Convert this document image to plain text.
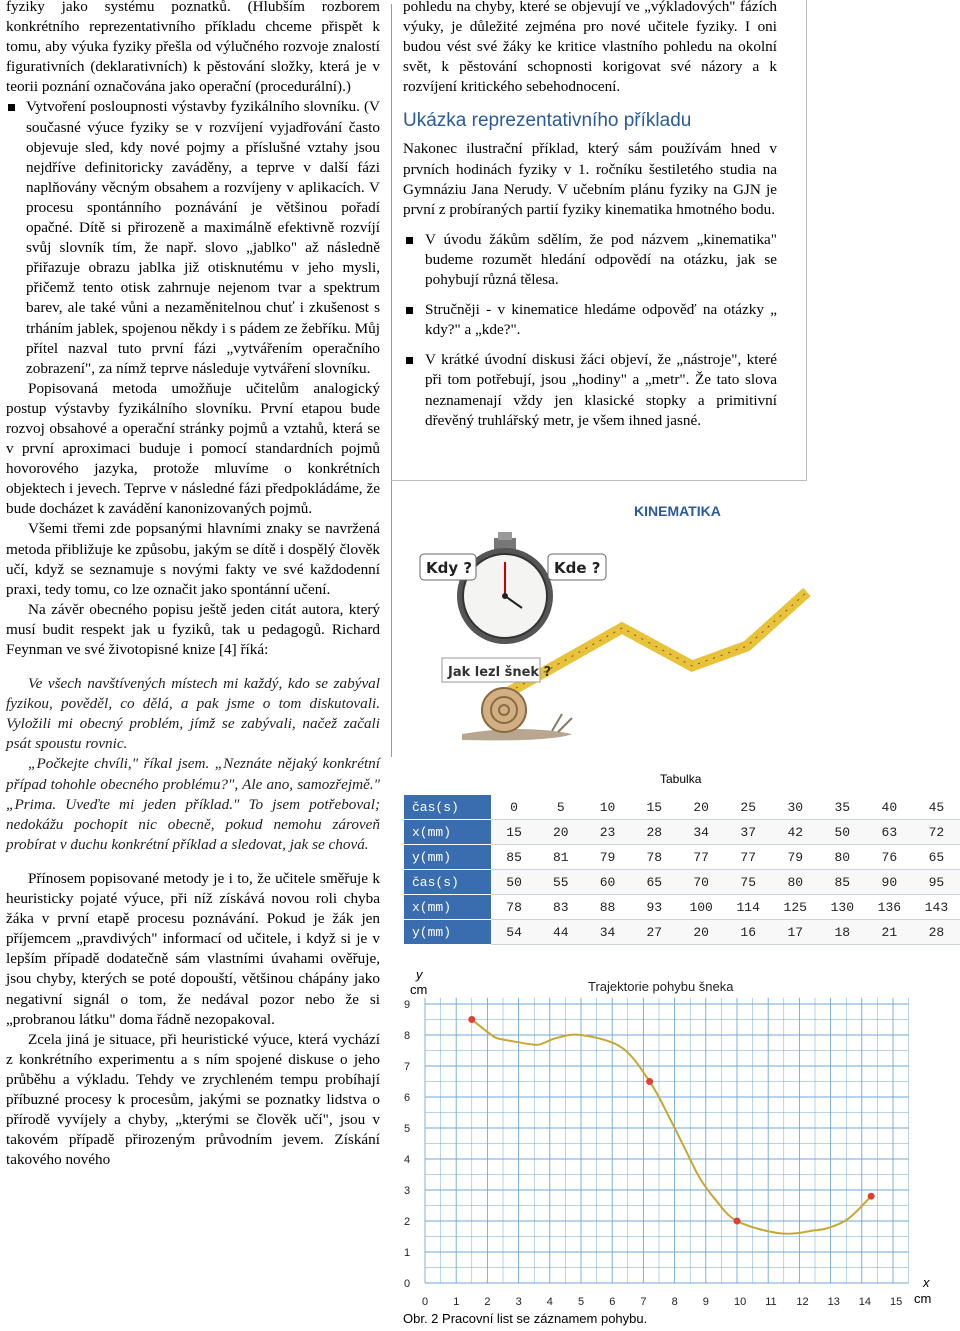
fyziky jako systému poznatků. (Hlubším rozborem konkrétního reprezentativního příkladu chceme přispět k tomu, aby výuka fyziky přešla od výlučného rozvoje znalostí figurativních (deklarativních) k pěstování složky, která je v teorii poznání označována jako operační (procedurální).)

Vytvoření posloupnosti výstavby fyzikálního slovníku. (V současné výuce fyziky se v rozvíjení vyjadřování často objevuje sled, kdy nové pojmy a příslušné vztahy jsou nejdříve definitoricky zaváděny, a teprve v další fázi naplňovány věcným obsahem a rozvíjeny v aplikacích. V procesu spontánního poznávání je většinou pořadí opačné. Dítě si přirozeně a maximálně efektivně rozvíjí svůj slovník tím, že např. slovo „jablko" až následně přiřazuje obrazu jablka již otisknutému v jeho mysli, přičemž tento otisk zahrnuje nejenom tvar a spektrum barev, ale také vůni a nezaměnitelnou chuť i zkušenost s trháním jablek, spojenou někdy i s pádem ze žebříku. Můj přítel nazval tuto první fázi „vytvářením operačního zobrazení", za nímž teprve následuje vytváření slovníku.

Popisovaná metoda umožňuje učitelům analogický postup výstavby fyzikálního slovníku. První etapou bude rozvoj obsahové a operační stránky pojmů a vztahů, která se v první aproximaci buduje i pomocí standardních pojmů hovorového jazyka, protože mluvíme o konkrétních objektech i jevech. Teprve v následné fázi předpokládáme, že bude docházet k zavádění kanonizovaných pojmů.

Všemi třemi zde popsanými hlavními znaky se navržená metoda přibližuje ke způsobu, jakým se dítě i dospělý člověk učí, když se seznamuje s novými fakty ve své každodenní praxi, tedy tomu, co lze označit jako spontánní učení.

Na závěr obecného popisu ještě jeden citát autora, který musí budit respekt jak u fyziků, tak u pedagogů. Richard Feynman ve své životopisné knize [4] říká:

Ve všech navštívených místech mi každý, kdo se zabýval fyzikou, pověděl, co dělá, a pak jsme o tom diskutovali. Vyložili mi obecný problém, jímž se zabývali, načež začali psát spoustu rovnic.

„Počkejte chvíli," říkal jsem. „Neznáte nějaký konkrétní případ tohohle obecného problému?", Ale ano, samozřejmě." „Prima. Uveďte mi jeden příklad." To jsem potřeboval; nedokážu pochopit nic obecně, pokud nemohu zároveň probírat v duchu konkrétní příklad a sledovat, jak se chová.

Přínosem popisované metody je i to, že učitele směřuje k heuristicky pojaté výuce, při níž získává novou roli chyba žáka v první etapě procesu poznávání. Pokud je žák jen příjemcem „pravdivých" informací od učitele, i když si je v lepším případě dodatečně sám vlastními úvahami ověřuje, jsou chyby, kterých se poté dopouští, většinou chápány jako negativní signál o tom, že nedával pozor nebo že si „probranou látku" doma řádně nezopakoval.

Zcela jiná je situace, při heuristické výuce, která vychází z konkrétního experimentu a s ním spojené diskuse o jeho průběhu a výkladu. Tehdy ve zrychleném tempu probíhají příbuzné procesy k procesům, jakými se poznatky lidstva o přírodě vyvíjely a chyby, „kterými se člověk učí", jsou v takovém případě přirozeným průvodním jevem. Získání takového nového

pohledu na chyby, které se objevují ve „výkladových" fázích výuky, je důležité zejména pro nové učitele fyziky. I oni budou vést své žáky ke kritice vlastního pohledu na okolní svět, k pěstování schopnosti korigovat své názory a k rozvíjení kritického sebehodnocení.

Ukázka reprezentativního příkladu

Nakonec ilustrační příklad, který sám používám hned v prvních hodinách fyziky v 1. ročníku šestiletého studia na Gymnáziu Jana Nerudy. V učebním plánu fyziky na GJN je první z probíraných partií fyziky kinematika hmotného bodu.

V úvodu žákům sdělím, že pod názvem „kinematika" budeme rozumět hledání odpovědí na otázku, jak se pohybují různá tělesa.

Stručněji - v kinematice hledáme odpověď na otázky „ kdy?" a „kde?".

V krátké úvodní diskusi žáci objeví, že „nástroje", které při tom potřebují, jsou „hodiny" a „metr". Že tato slova neznamenají vždy jen klasické stopky a primitivní dřevěný truhlářský metr, je všem ihned jasné.

KINEMATIKA
Kdy ?	Kde ?
Jak lezl šnek ?
Tabulka
čas(s)	0	5	10	15	20	25	30	35	40	45
x(mm)	15	20	23	28	34	37	42	50	63	72
y(mm)	85	81	79	78	77	77	79	80	76	65
čas(s)	50	55	60	65	70	75	80	85	90	95
x(mm)	78	83	88	93	100	114	125	130	136	143
y(mm)	54	44	34	27	20	16	17	18	21	28
0 1 2 3 4 5 6 7 8 9 10 11 12 13 14 15
0
1
2
3
4
5
6
7
8
9
Trajektorie pohybu šneka
y
cm
x
cm
Obr. 2 Pracovní list se záznamem pohybu.
